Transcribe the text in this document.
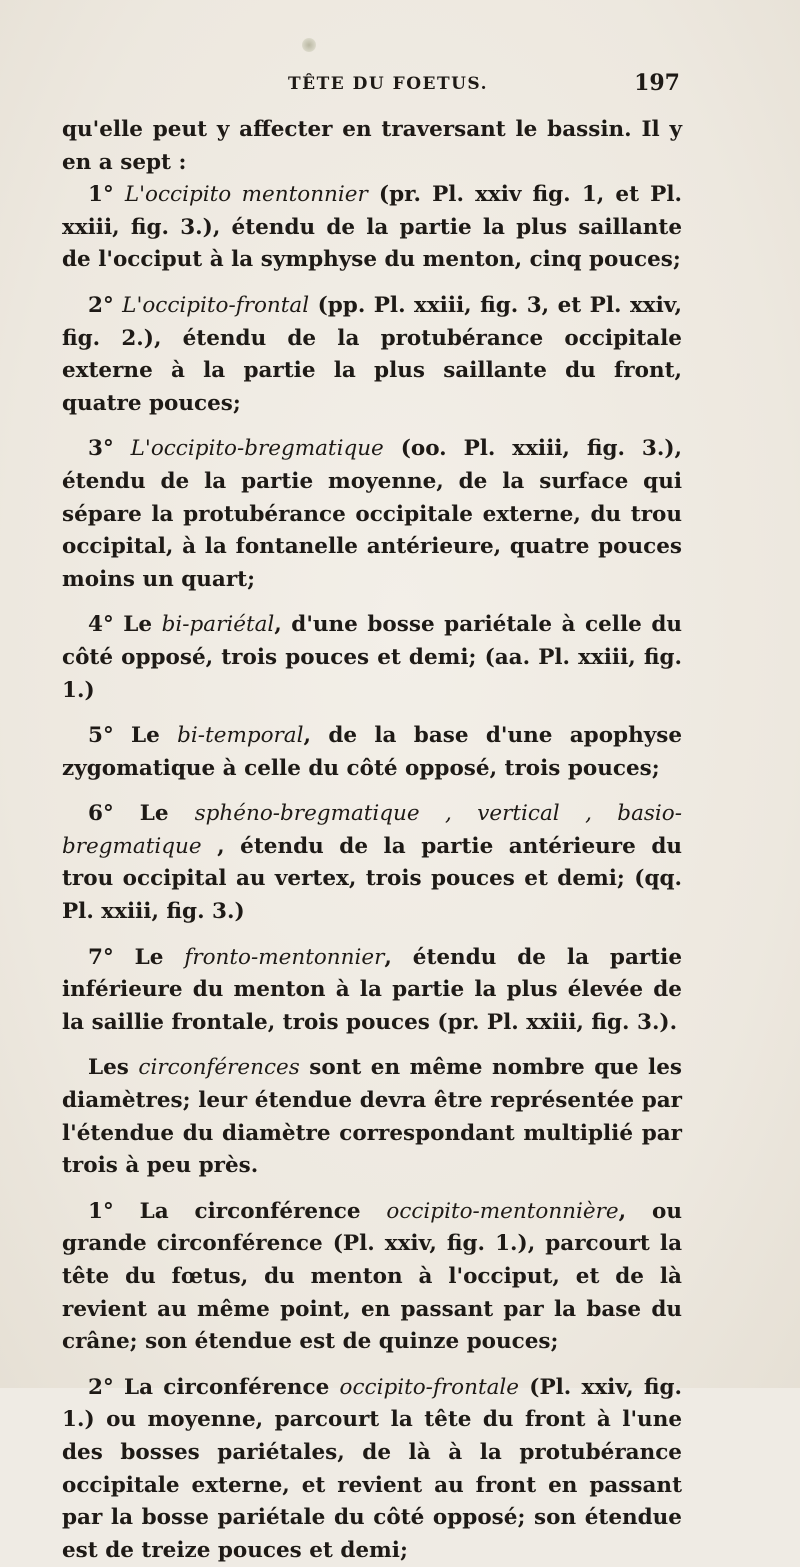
TÊTE DU FOETUS.	197

qu'elle peut y affecter en traversant le bassin. Il y en a sept :

1° L'occipito mentonnier (pr. Pl. xxiv fig. 1, et Pl. xxiii, fig. 3.), étendu de la partie la plus saillante de l'occiput à la symphyse du menton, cinq pouces;

2° L'occipito-frontal (pp. Pl. xxiii, fig. 3, et Pl. xxiv, fig. 2.), étendu de la protubérance occipitale externe à la partie la plus saillante du front, quatre pouces;

3° L'occipito-bregmatique (oo. Pl. xxiii, fig. 3.), étendu de la partie moyenne, de la surface qui sépare la protubérance occipitale externe, du trou occipital, à la fontanelle antérieure, quatre pouces moins un quart;

4° Le bi-pariétal, d'une bosse pariétale à celle du côté opposé, trois pouces et demi; (aa. Pl. xxiii, fig. 1.)

5° Le bi-temporal, de la base d'une apophyse zygomatique à celle du côté opposé, trois pouces;

6° Le sphéno-bregmatique , vertical , basio-bregmatique , étendu de la partie antérieure du trou occipital au vertex, trois pouces et demi; (qq. Pl. xxiii, fig. 3.)

7° Le fronto-mentonnier, étendu de la partie inférieure du menton à la partie la plus élevée de la saillie frontale, trois pouces (pr. Pl. xxiii, fig. 3.).

Les circonférences sont en même nombre que les diamètres; leur étendue devra être représentée par l'étendue du diamètre correspondant multiplié par trois à peu près.

1° La circonférence occipito-mentonnière, ou grande circonférence (Pl. xxiv, fig. 1.), parcourt la tête du fœtus, du menton à l'occiput, et de là revient au même point, en passant par la base du crâne; son étendue est de quinze pouces;

2° La circonférence occipito-frontale (Pl. xxiv, fig. 1.) ou moyenne, parcourt la tête du front à l'une des bosses pariétales, de là à la protubérance occipitale externe, et revient au front en passant par la bosse pariétale du côté opposé; son étendue est de treize pouces et demi;
